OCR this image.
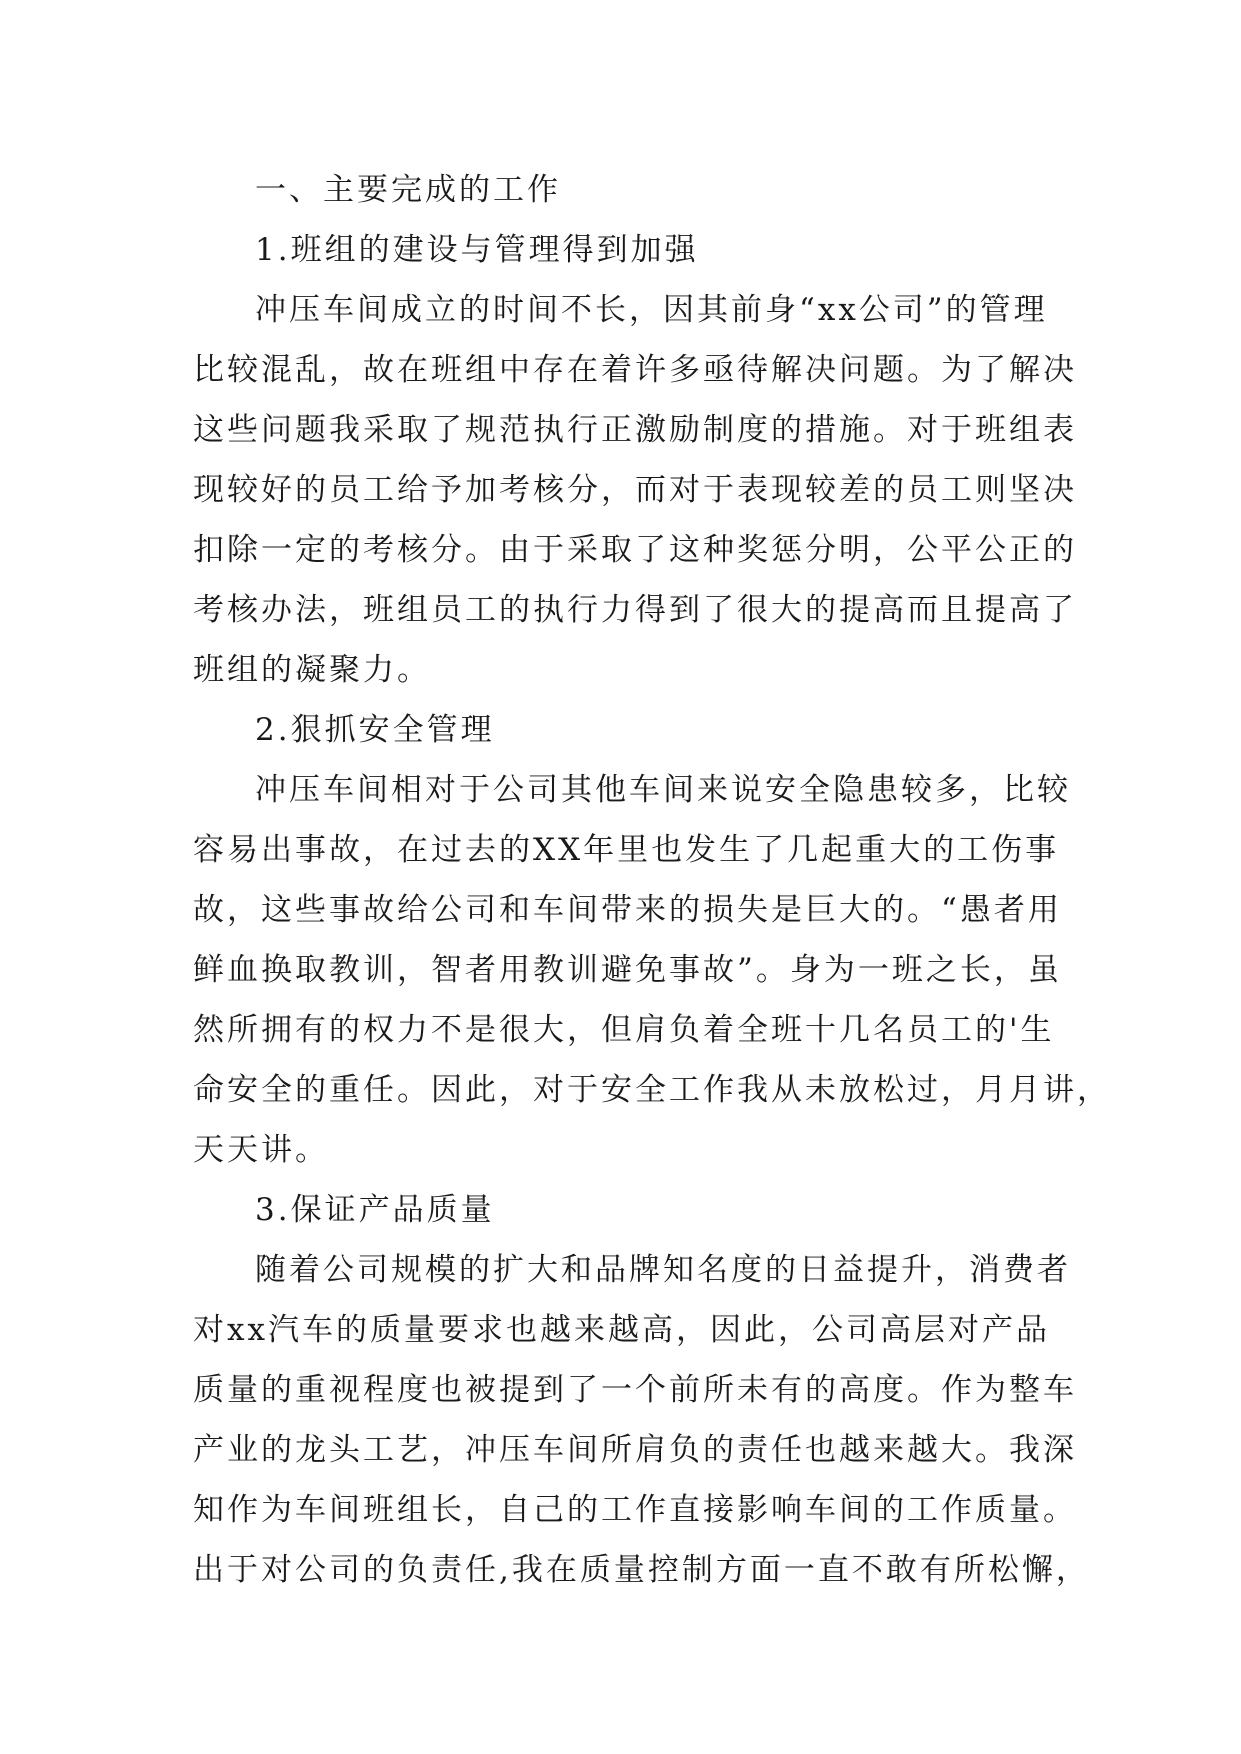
一、主要完成的工作
1.班组的建设与管理得到加强
冲压车间成立的时间不长，因其前身“xx公司”的管理
比较混乱，故在班组中存在着许多亟待解决问题。为了解决
这些问题我采取了规范执行正激励制度的措施。对于班组表
现较好的员工给予加考核分，而对于表现较差的员工则坚决
扣除一定的考核分。由于采取了这种奖惩分明，公平公正的
考核办法，班组员工的执行力得到了很大的提高而且提高了
班组的凝聚力。
2.狠抓安全管理
冲压车间相对于公司其他车间来说安全隐患较多，比较
容易出事故，在过去的XX年里也发生了几起重大的工伤事
故，这些事故给公司和车间带来的损失是巨大的。“愚者用
鲜血换取教训，智者用教训避免事故”。身为一班之长，虽
然所拥有的权力不是很大，但肩负着全班十几名员工的'生
命安全的重任。因此，对于安全工作我从未放松过，月月讲，
天天讲。
3.保证产品质量
随着公司规模的扩大和品牌知名度的日益提升，消费者
对xx汽车的质量要求也越来越高，因此，公司高层对产品
质量的重视程度也被提到了一个前所未有的高度。作为整车
产业的龙头工艺，冲压车间所肩负的责任也越来越大。我深
知作为车间班组长，自己的工作直接影响车间的工作质量。
出于对公司的负责任,我在质量控制方面一直不敢有所松懈，
